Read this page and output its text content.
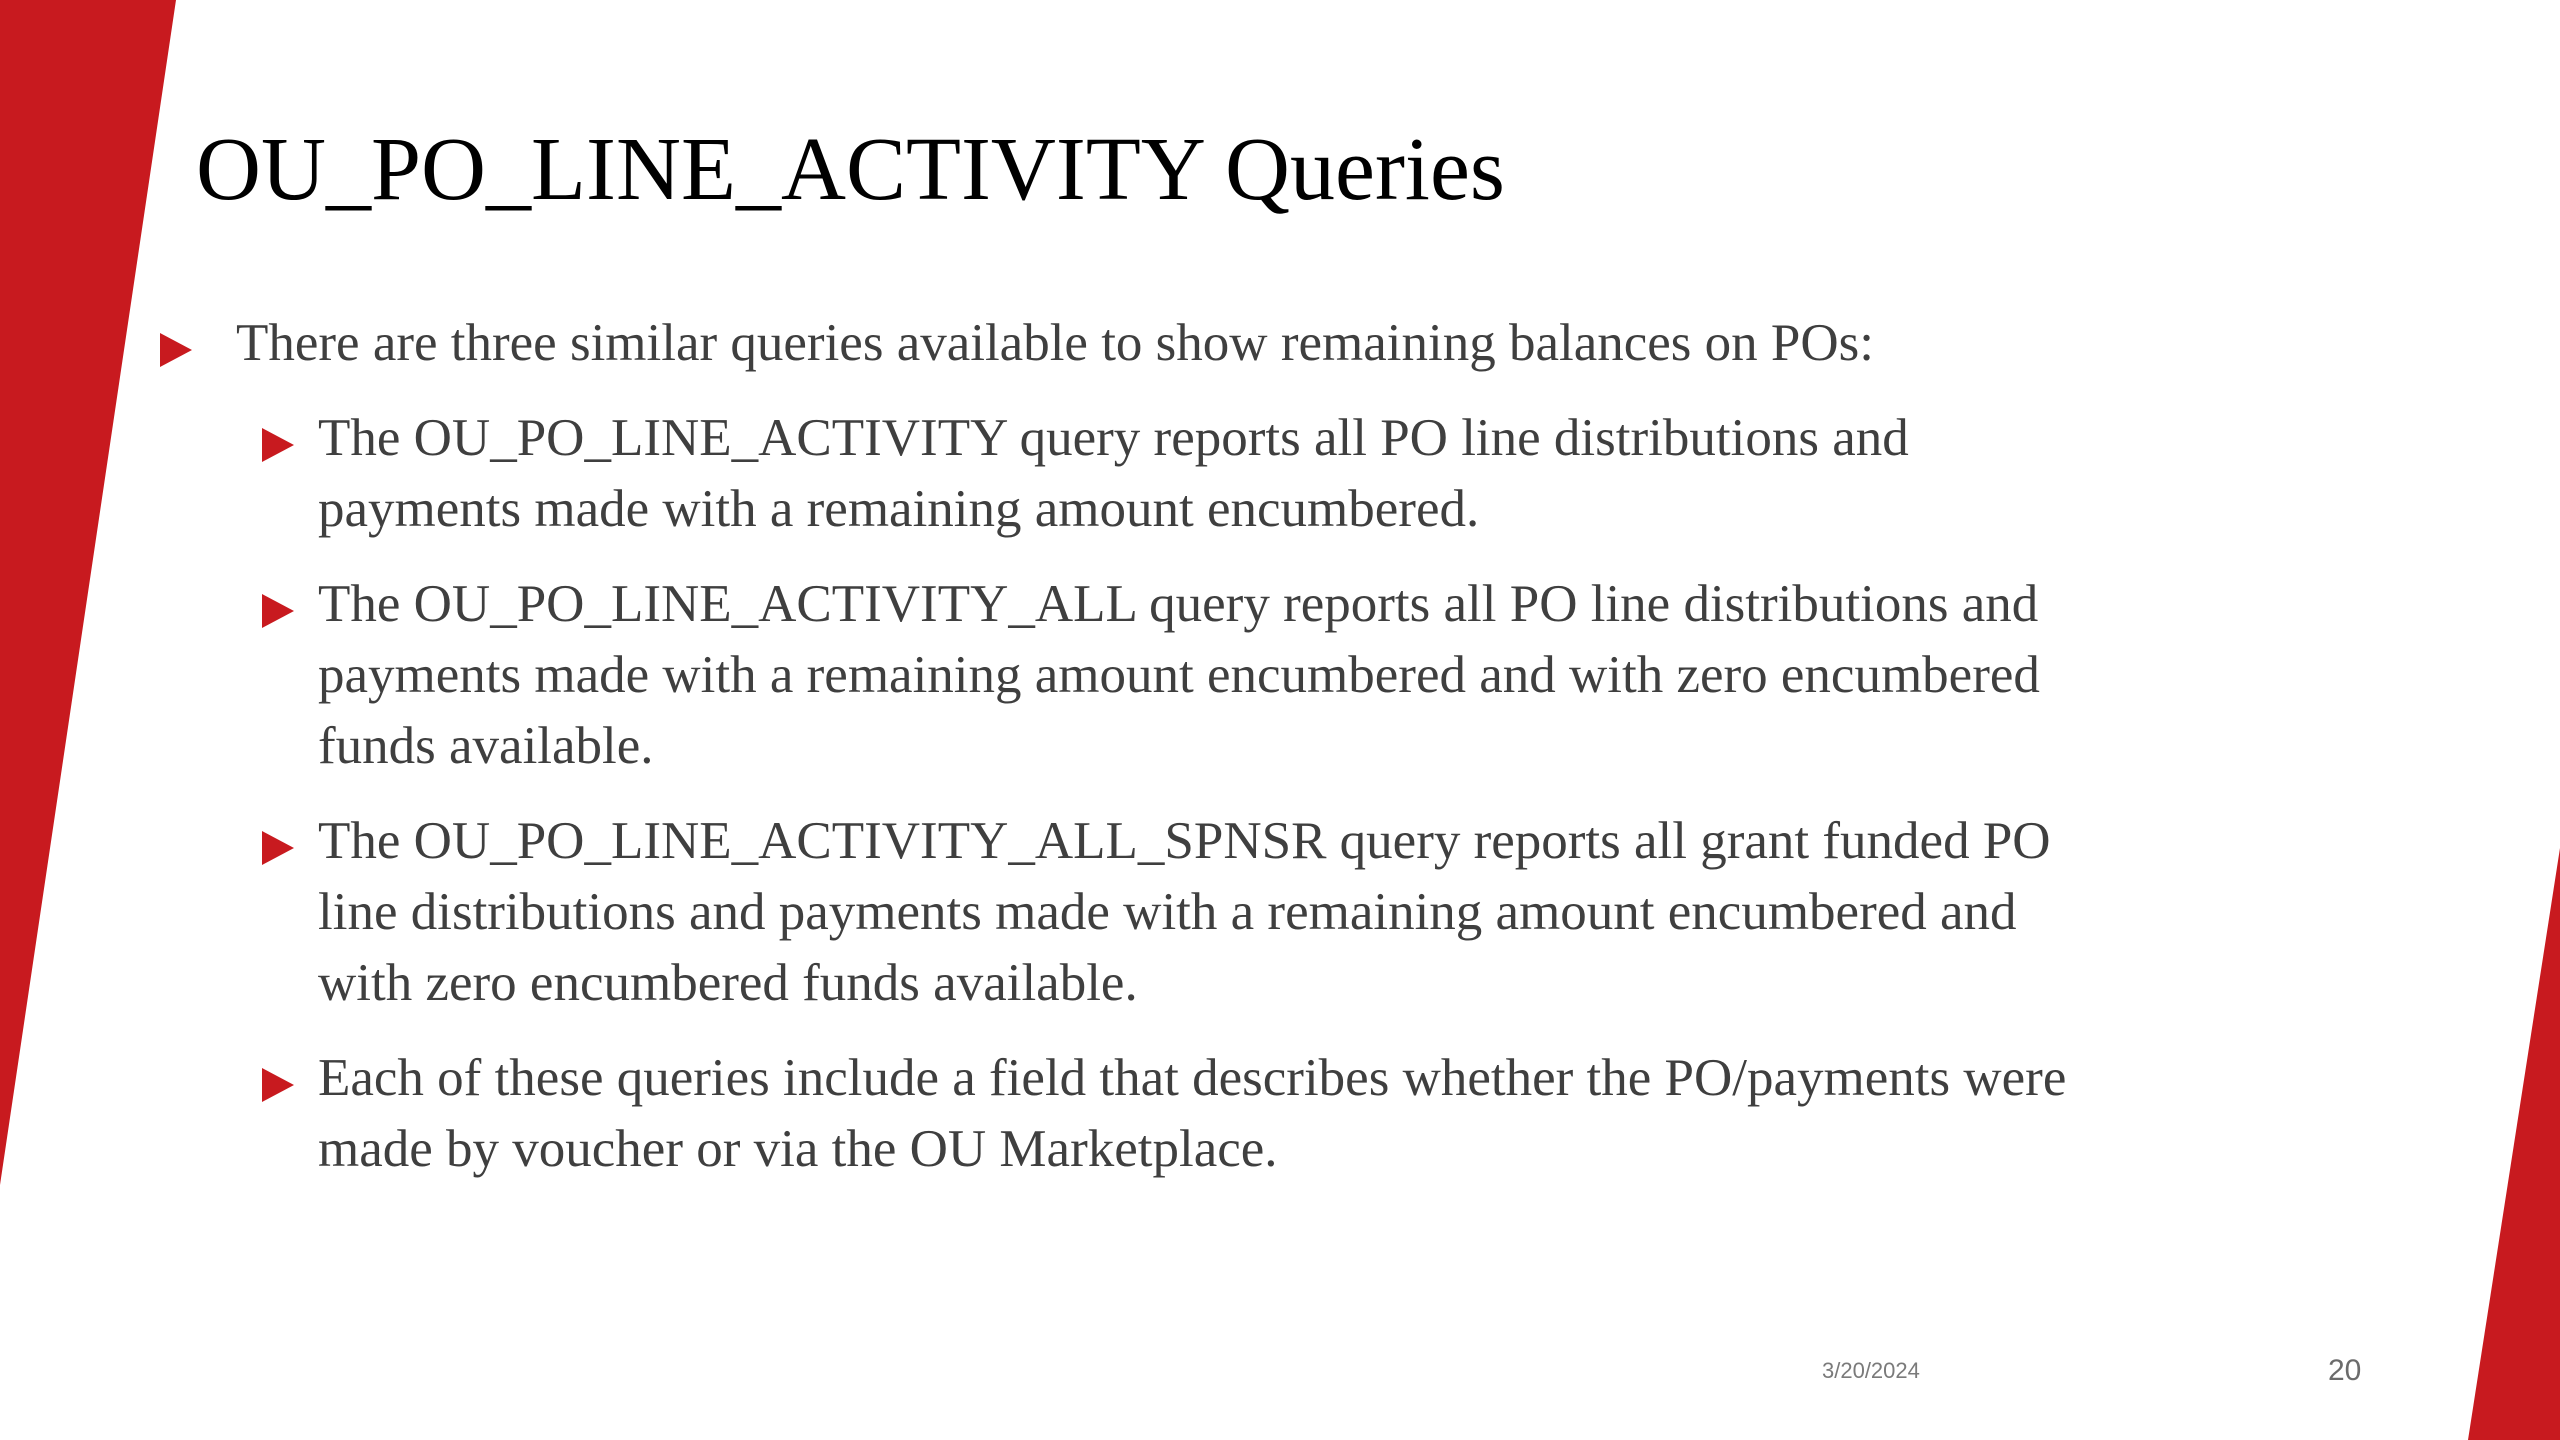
OU_PO_LINE_ACTIVITY Queries
There are three similar queries available to show remaining balances on POs:
The OU_PO_LINE_ACTIVITY query reports all PO line distributions and payments made with a remaining amount encumbered.
The OU_PO_LINE_ACTIVITY_ALL query reports all PO line distributions and payments made with a remaining amount encumbered and with zero encumbered funds available.
The OU_PO_LINE_ACTIVITY_ALL_SPNSR query reports all grant funded PO line distributions and payments made with a remaining amount encumbered and with zero encumbered funds available.
Each of these queries include a field that describes whether the PO/payments were made by voucher or via the OU Marketplace.
3/20/2024	20
